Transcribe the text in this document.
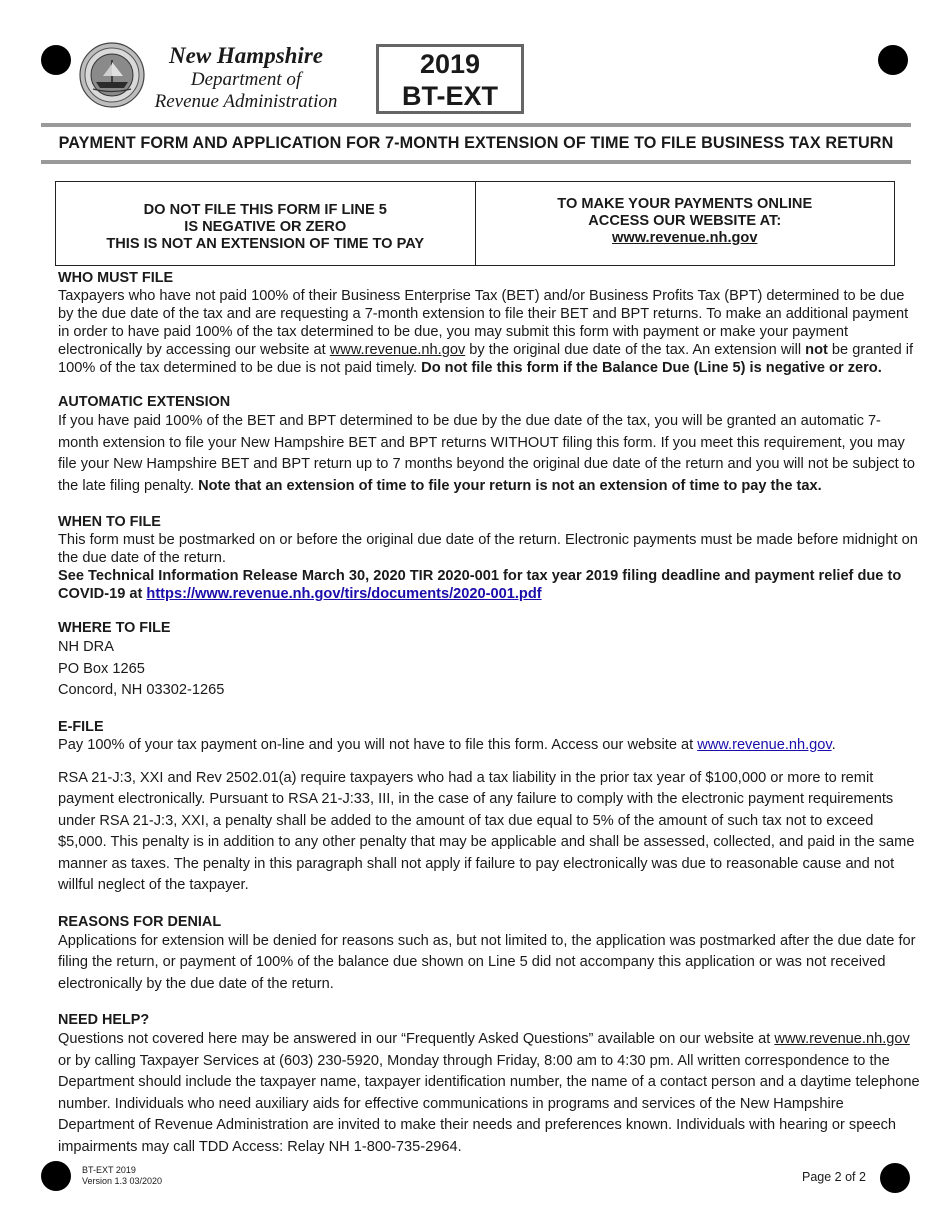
New Hampshire
Department of
Revenue Administration
2019
BT-EXT
PAYMENT FORM AND APPLICATION FOR 7-MONTH EXTENSION OF TIME TO FILE BUSINESS TAX RETURN
DO NOT FILE THIS FORM IF LINE 5
IS NEGATIVE OR ZERO
THIS IS NOT AN EXTENSION OF TIME TO PAY
TO MAKE YOUR PAYMENTS ONLINE
ACCESS OUR WEBSITE AT:
www.revenue.nh.gov
WHO MUST FILE
Taxpayers who have not paid 100% of their Business Enterprise Tax (BET) and/or Business Profits Tax (BPT) determined to be due by the due date of the tax and are requesting a 7-month extension to file their BET and BPT returns. To make an additional payment in order to have paid 100% of the tax determined to be due, you may submit this form with payment or make your payment electronically by accessing our website at www.revenue.nh.gov by the original due date of the tax. An extension will not be granted if 100% of the tax determined to be due is not paid timely. Do not file this form if the Balance Due (Line 5) is negative or zero.
AUTOMATIC EXTENSION
If you have paid 100% of the BET and BPT determined to be due by the due date of the tax, you will be granted an automatic 7-month extension to file your New Hampshire BET and BPT returns WITHOUT filing this form. If you meet this requirement, you may file your New Hampshire BET and BPT return up to 7 months beyond the original due date of the return and you will not be subject to the late filing penalty. Note that an extension of time to file your return is not an extension of time to pay the tax.
WHEN TO FILE
This form must be postmarked on or before the original due date of the return. Electronic payments must be made before midnight on the due date of the return.
See Technical Information Release March 30, 2020 TIR 2020-001 for tax year 2019 filing deadline and payment relief due to COVID-19 at https://www.revenue.nh.gov/tirs/documents/2020-001.pdf
WHERE TO FILE
NH DRA
PO Box 1265
Concord, NH 03302-1265
E-FILE
Pay 100% of your tax payment on-line and you will not have to file this form. Access our website at www.revenue.nh.gov.
RSA 21-J:3, XXI and Rev 2502.01(a) require taxpayers who had a tax liability in the prior tax year of $100,000 or more to remit payment electronically. Pursuant to RSA 21-J:33, III, in the case of any failure to comply with the electronic payment requirements under RSA 21-J:3, XXI, a penalty shall be added to the amount of tax due equal to 5% of the amount of such tax not to exceed $5,000. This penalty is in addition to any other penalty that may be applicable and shall be assessed, collected, and paid in the same manner as taxes. The penalty in this paragraph shall not apply if failure to pay electronically was due to reasonable cause and not willful neglect of the taxpayer.
REASONS FOR DENIAL
Applications for extension will be denied for reasons such as, but not limited to, the application was postmarked after the due date for filing the return, or payment of 100% of the balance due shown on Line 5 did not accompany this application or was not received electronically by the due date of the return.
NEED HELP?
Questions not covered here may be answered in our “Frequently Asked Questions” available on our website at www.revenue.nh.gov or by calling Taxpayer Services at (603) 230-5920, Monday through Friday, 8:00 am to 4:30 pm. All written correspondence to the Department should include the taxpayer name, taxpayer identification number, the name of a contact person and a daytime telephone number. Individuals who need auxiliary aids for effective communications in programs and services of the New Hampshire Department of Revenue Administration are invited to make their needs and preferences known. Individuals with hearing or speech impairments may call TDD Access: Relay NH 1-800-735-2964.
BT-EXT 2019
Version 1.3 03/2020	Page 2 of 2
